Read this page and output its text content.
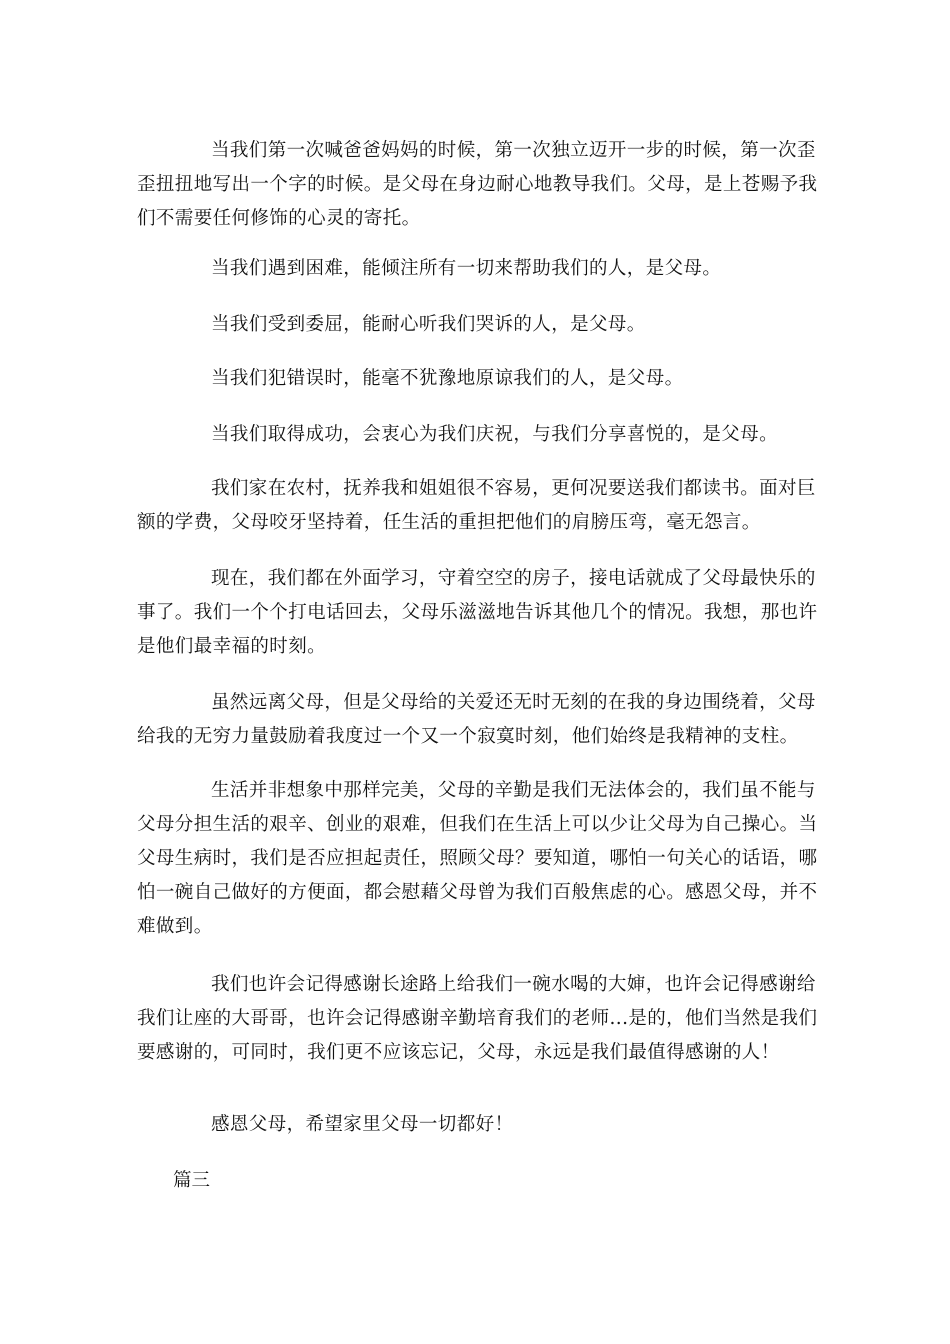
当我们第一次喊爸爸妈妈的时候，第一次独立迈开一步的时候，第一次歪歪扭扭地写出一个字的时候。是父母在身边耐心地教导我们。父母，是上苍赐予我们不需要任何修饰的心灵的寄托。

当我们遇到困难，能倾注所有一切来帮助我们的人，是父母。

当我们受到委屈，能耐心听我们哭诉的人，是父母。

当我们犯错误时，能毫不犹豫地原谅我们的人，是父母。

当我们取得成功，会衷心为我们庆祝，与我们分享喜悦的，是父母。

我们家在农村，抚养我和姐姐很不容易，更何况要送我们都读书。面对巨额的学费，父母咬牙坚持着，任生活的重担把他们的肩膀压弯，毫无怨言。

现在，我们都在外面学习，守着空空的房子，接电话就成了父母最快乐的事了。我们一个个打电话回去，父母乐滋滋地告诉其他几个的情况。我想，那也许是他们最幸福的时刻。

虽然远离父母，但是父母给的关爱还无时无刻的在我的身边围绕着，父母给我的无穷力量鼓励着我度过一个又一个寂寞时刻，他们始终是我精神的支柱。

生活并非想象中那样完美，父母的辛勤是我们无法体会的，我们虽不能与父母分担生活的艰辛、创业的艰难，但我们在生活上可以少让父母为自己操心。当父母生病时，我们是否应担起责任，照顾父母？要知道，哪怕一句关心的话语，哪怕一碗自己做好的方便面，都会慰藉父母曾为我们百般焦虑的心。感恩父母，并不难做到。

我们也许会记得感谢长途路上给我们一碗水喝的大婶，也许会记得感谢给我们让座的大哥哥，也许会记得感谢辛勤培育我们的老师...是的，他们当然是我们要感谢的，可同时，我们更不应该忘记，父母，永远是我们最值得感谢的人！

感恩父母，希望家里父母一切都好！

篇三
